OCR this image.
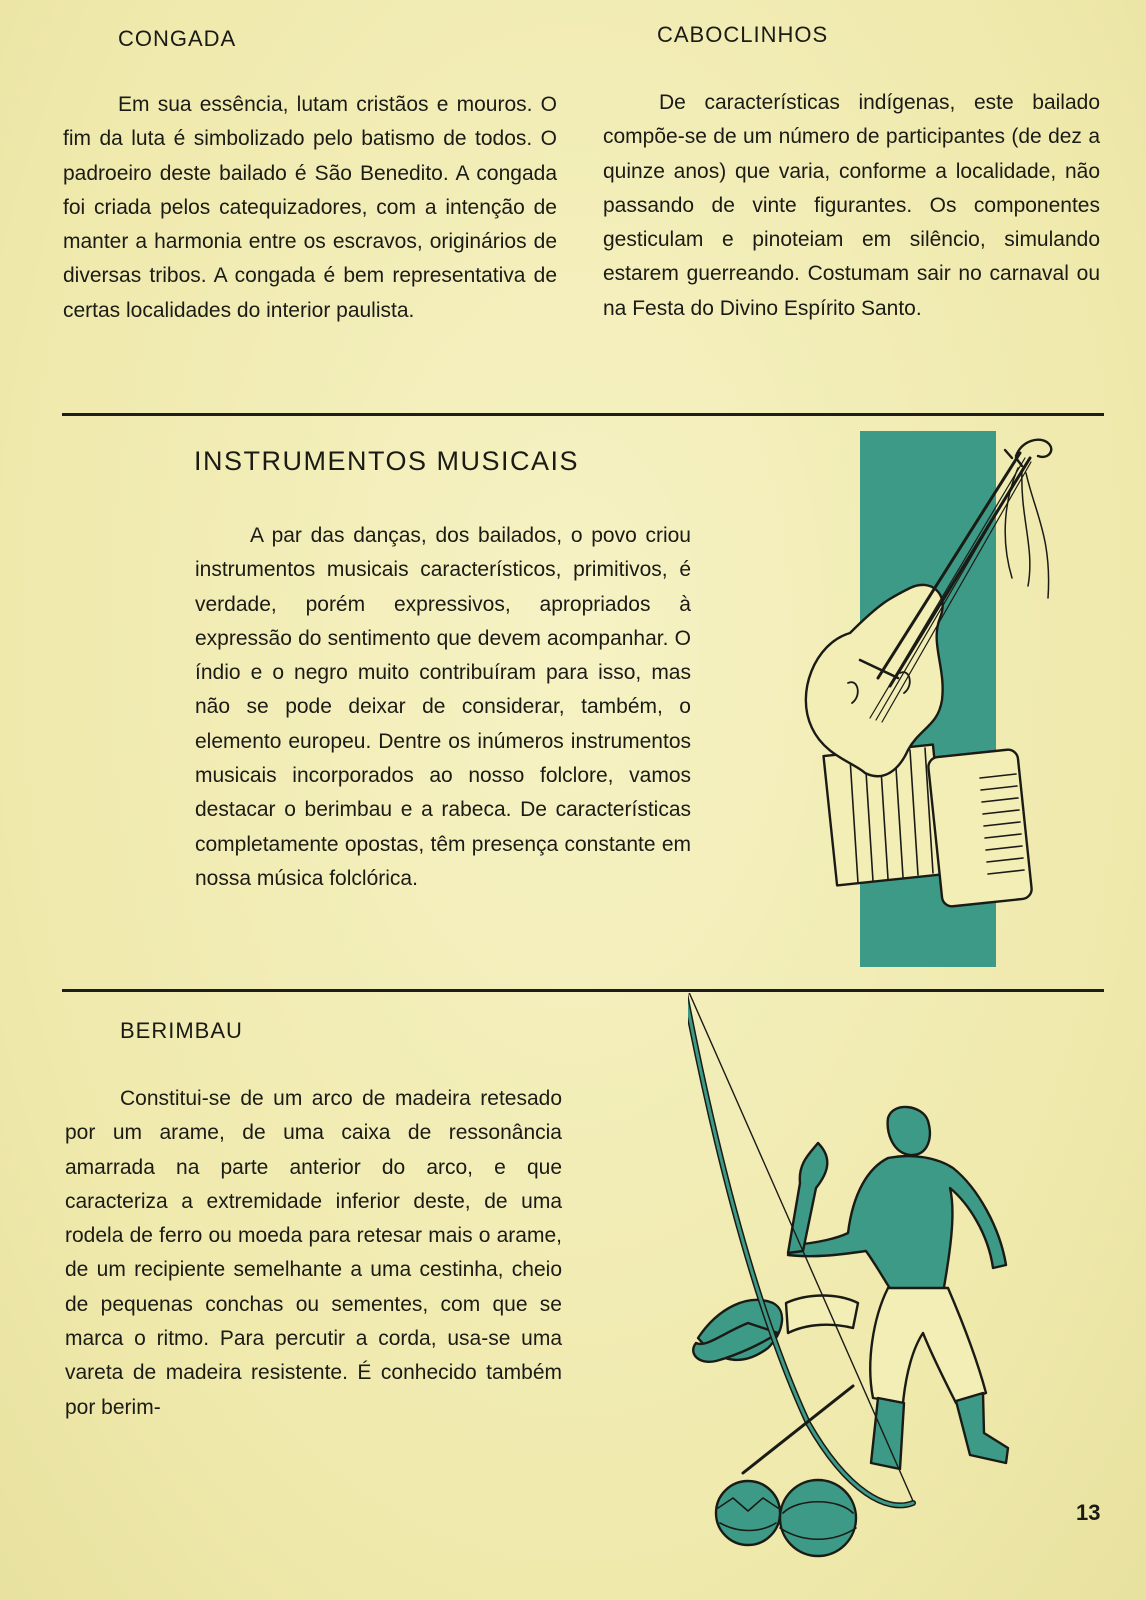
CONGADA

Em sua essência, lutam cristãos e mouros. O fim da luta é simbolizado pelo batismo de todos. O padroeiro deste bailado é São Benedito. A congada foi criada pelos catequizadores, com a intenção de manter a harmonia entre os escravos, originários de diversas tribos. A congada é bem representativa de certas localidades do interior paulista.

CABOCLINHOS

De características indígenas, este bailado compõe-se de um número de participantes (de dez a quinze anos) que varia, conforme a localidade, não passando de vinte figurantes. Os componentes gesticulam e pinoteiam em silêncio, simulando estarem guerreando. Costumam sair no carnaval ou na Festa do Divino Espírito Santo.

INSTRUMENTOS MUSICAIS

A par das danças, dos bailados, o povo criou instrumentos musicais característicos, primitivos, é verdade, porém expressivos, apropriados à expressão do sentimento que devem acompanhar. O índio e o negro muito contribuíram para isso, mas não se pode deixar de considerar, também, o elemento europeu. Dentre os inúmeros instrumentos musicais incorporados ao nosso folclore, vamos destacar o berimbau e a rabeca. De características completamente opostas, têm presença constante em nossa música folclórica.

BERIMBAU

Constitui-se de um arco de madeira retesado por um arame, de uma caixa de ressonância amarrada na parte anterior do arco, e que caracteriza a extremidade inferior deste, de uma rodela de ferro ou moeda para retesar mais o arame, de um recipiente semelhante a uma cestinha, cheio de pequenas conchas ou sementes, com que se marca o ritmo. Para percutir a corda, usa-se uma vareta de madeira resistente. É conhecido também por berim-

13
